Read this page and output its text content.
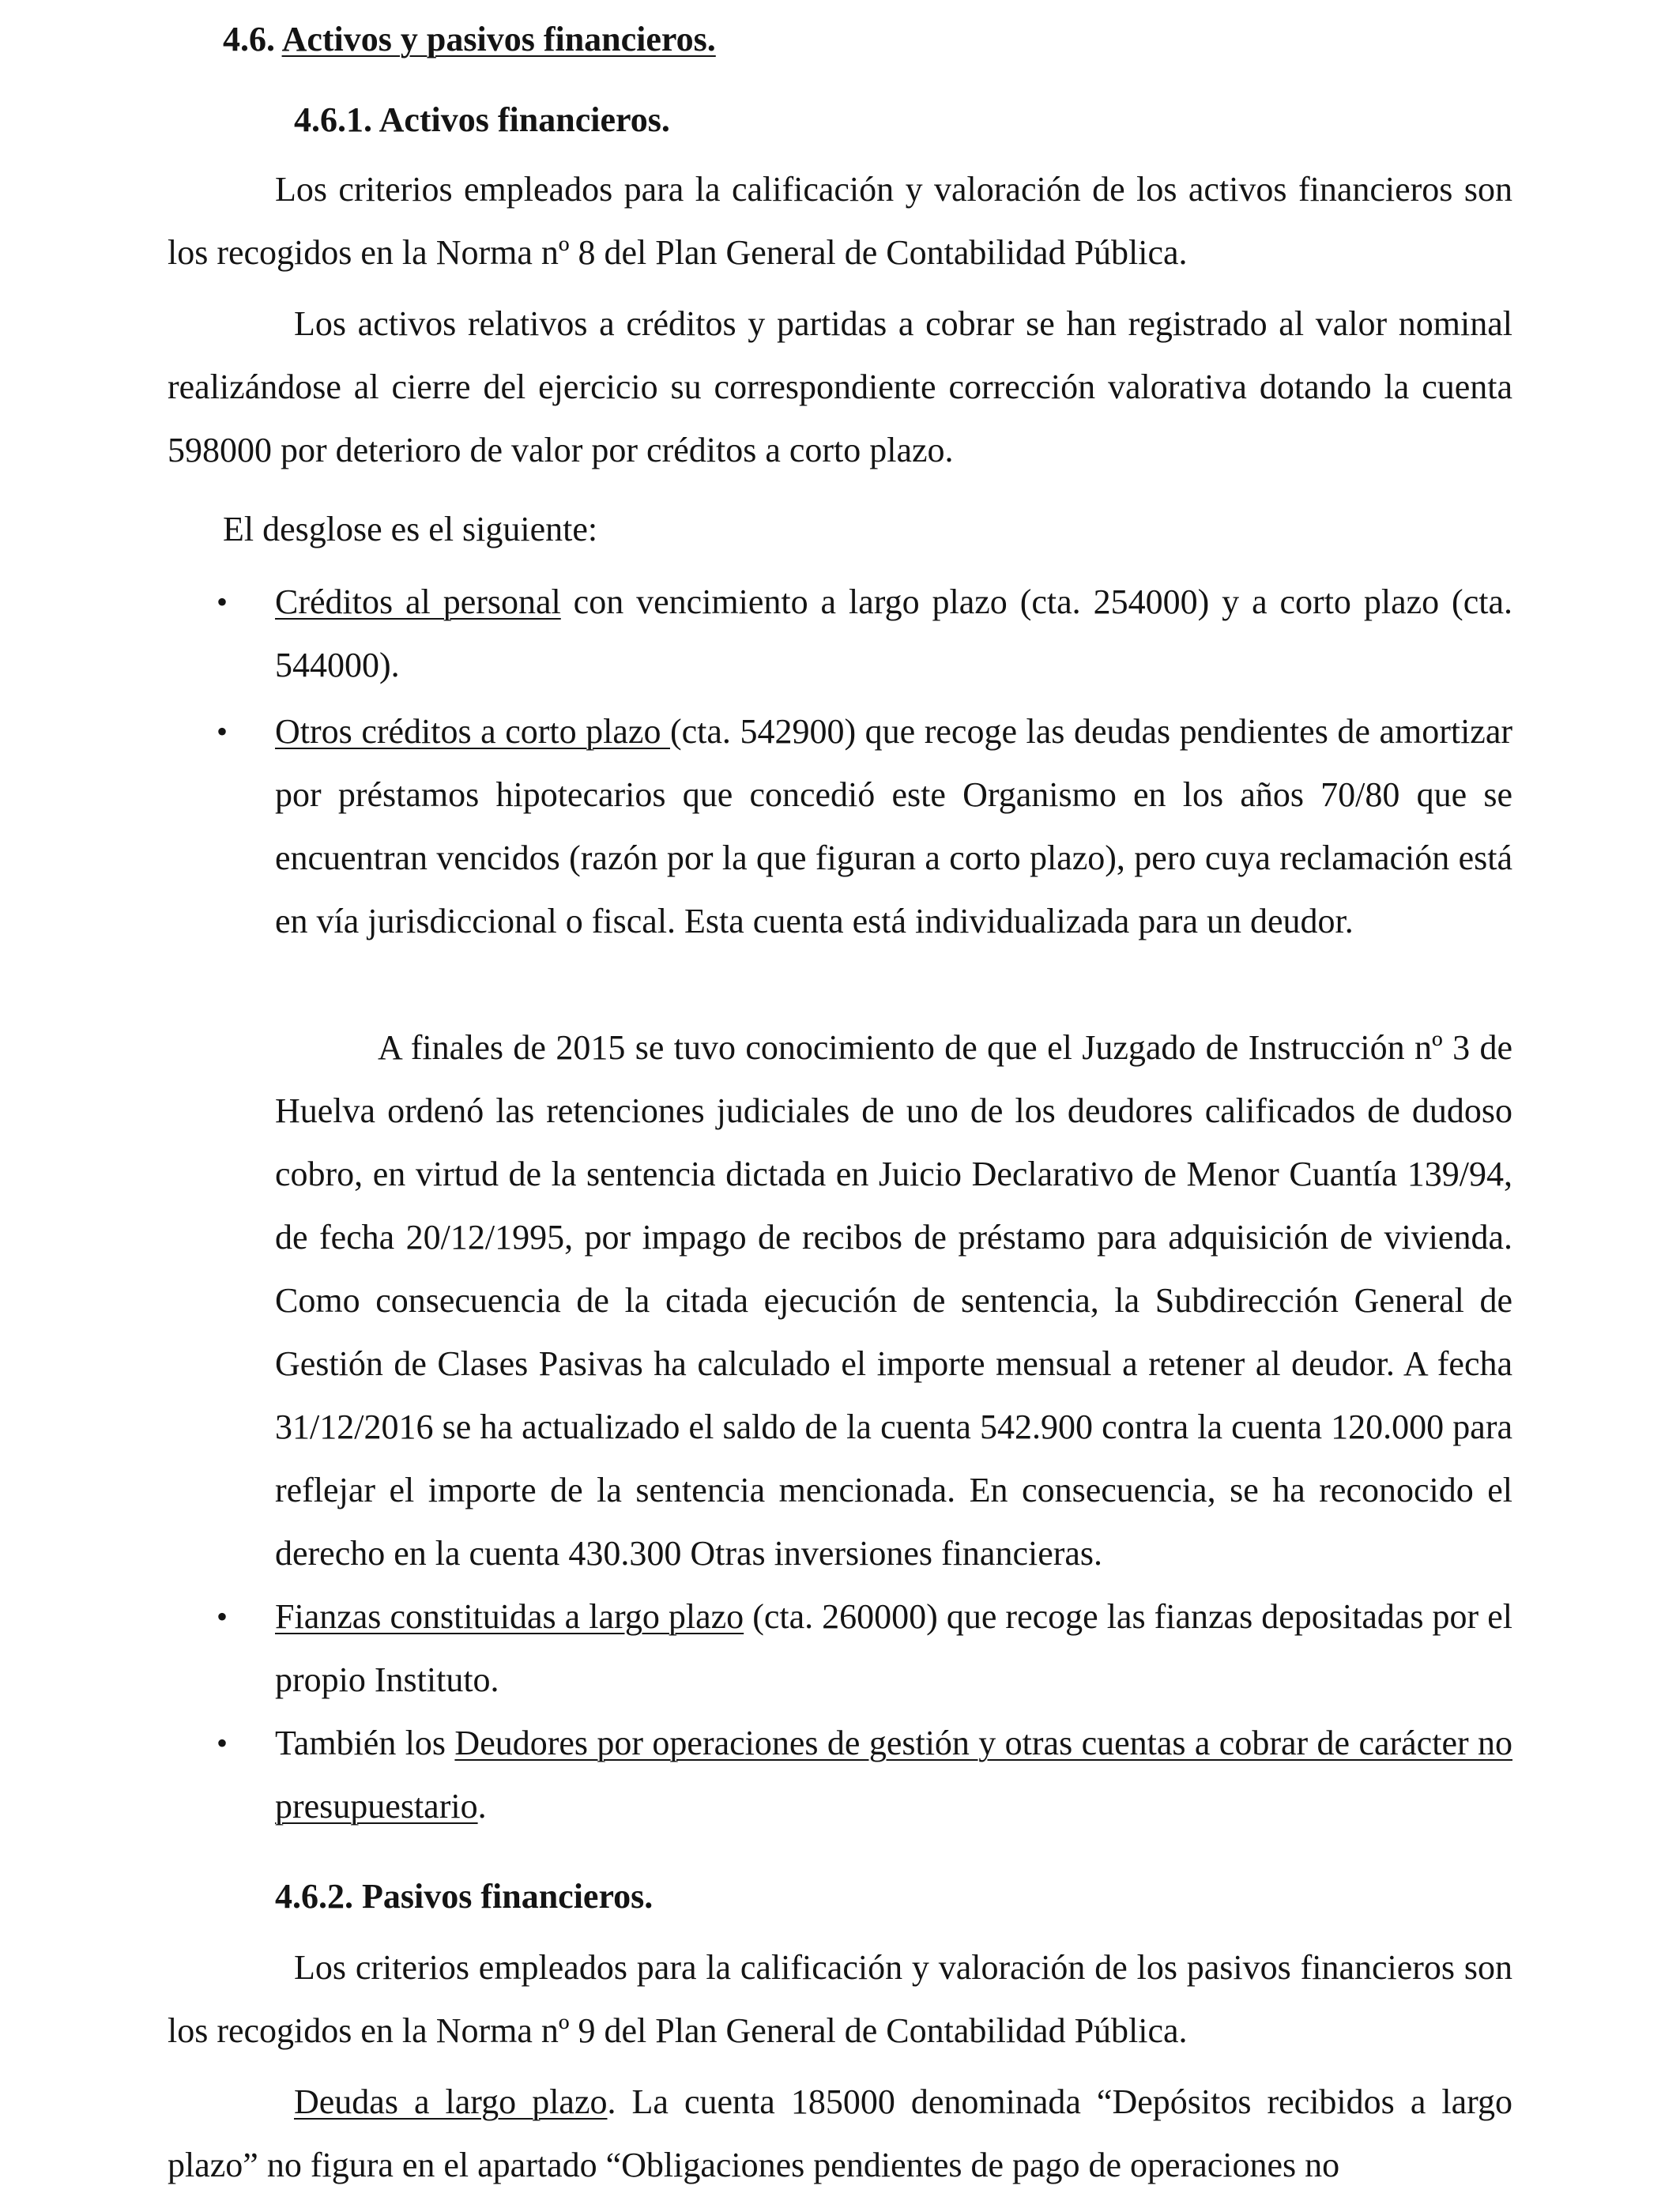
4.6. Activos y pasivos financieros.

4.6.1. Activos financieros.

Los criterios empleados para la calificación y valoración de los activos financieros son los recogidos en la Norma nº 8 del Plan General de Contabilidad Pública.

Los activos relativos a créditos y partidas a cobrar se han registrado al valor nominal realizándose al cierre del ejercicio su correspondiente corrección valorativa dotando la cuenta 598000 por deterioro de valor por créditos a corto plazo.

El desglose es el siguiente:

•	Créditos al personal con vencimiento a largo plazo (cta. 254000) y a corto plazo (cta. 544000).
•	Otros créditos a corto plazo (cta. 542900) que recoge las deudas pendientes de amortizar por préstamos hipotecarios que concedió este Organismo en los años 70/80 que se encuentran vencidos (razón por la que figuran a corto plazo), pero cuya reclamación está en vía jurisdiccional o fiscal. Esta cuenta está individualizada para un deudor.

A finales de 2015 se tuvo conocimiento de que el Juzgado de Instrucción nº 3 de Huelva ordenó las retenciones judiciales de uno de los deudores calificados de dudoso cobro, en virtud de la sentencia dictada en Juicio Declarativo de Menor Cuantía 139/94, de fecha 20/12/1995, por impago de recibos de préstamo para adquisición de vivienda. Como consecuencia de la citada ejecución de sentencia, la Subdirección General de Gestión de Clases Pasivas ha calculado el importe mensual a retener al deudor. A fecha 31/12/2016 se ha actualizado el saldo de la cuenta 542.900 contra la cuenta 120.000 para reflejar el importe de la sentencia mencionada. En consecuencia, se ha reconocido el derecho en la cuenta 430.300 Otras inversiones financieras.

•	Fianzas constituidas a largo plazo (cta. 260000) que recoge las fianzas depositadas por el propio Instituto.
•	También los Deudores por operaciones de gestión y otras cuentas a cobrar de carácter no presupuestario.

4.6.2. Pasivos financieros.

Los criterios empleados para la calificación y valoración de los pasivos financieros son los recogidos en la Norma nº 9 del Plan General de Contabilidad Pública.

Deudas a largo plazo. La cuenta 185000 denominada “Depósitos recibidos a largo plazo” no figura en el apartado “Obligaciones pendientes de pago de operaciones no
